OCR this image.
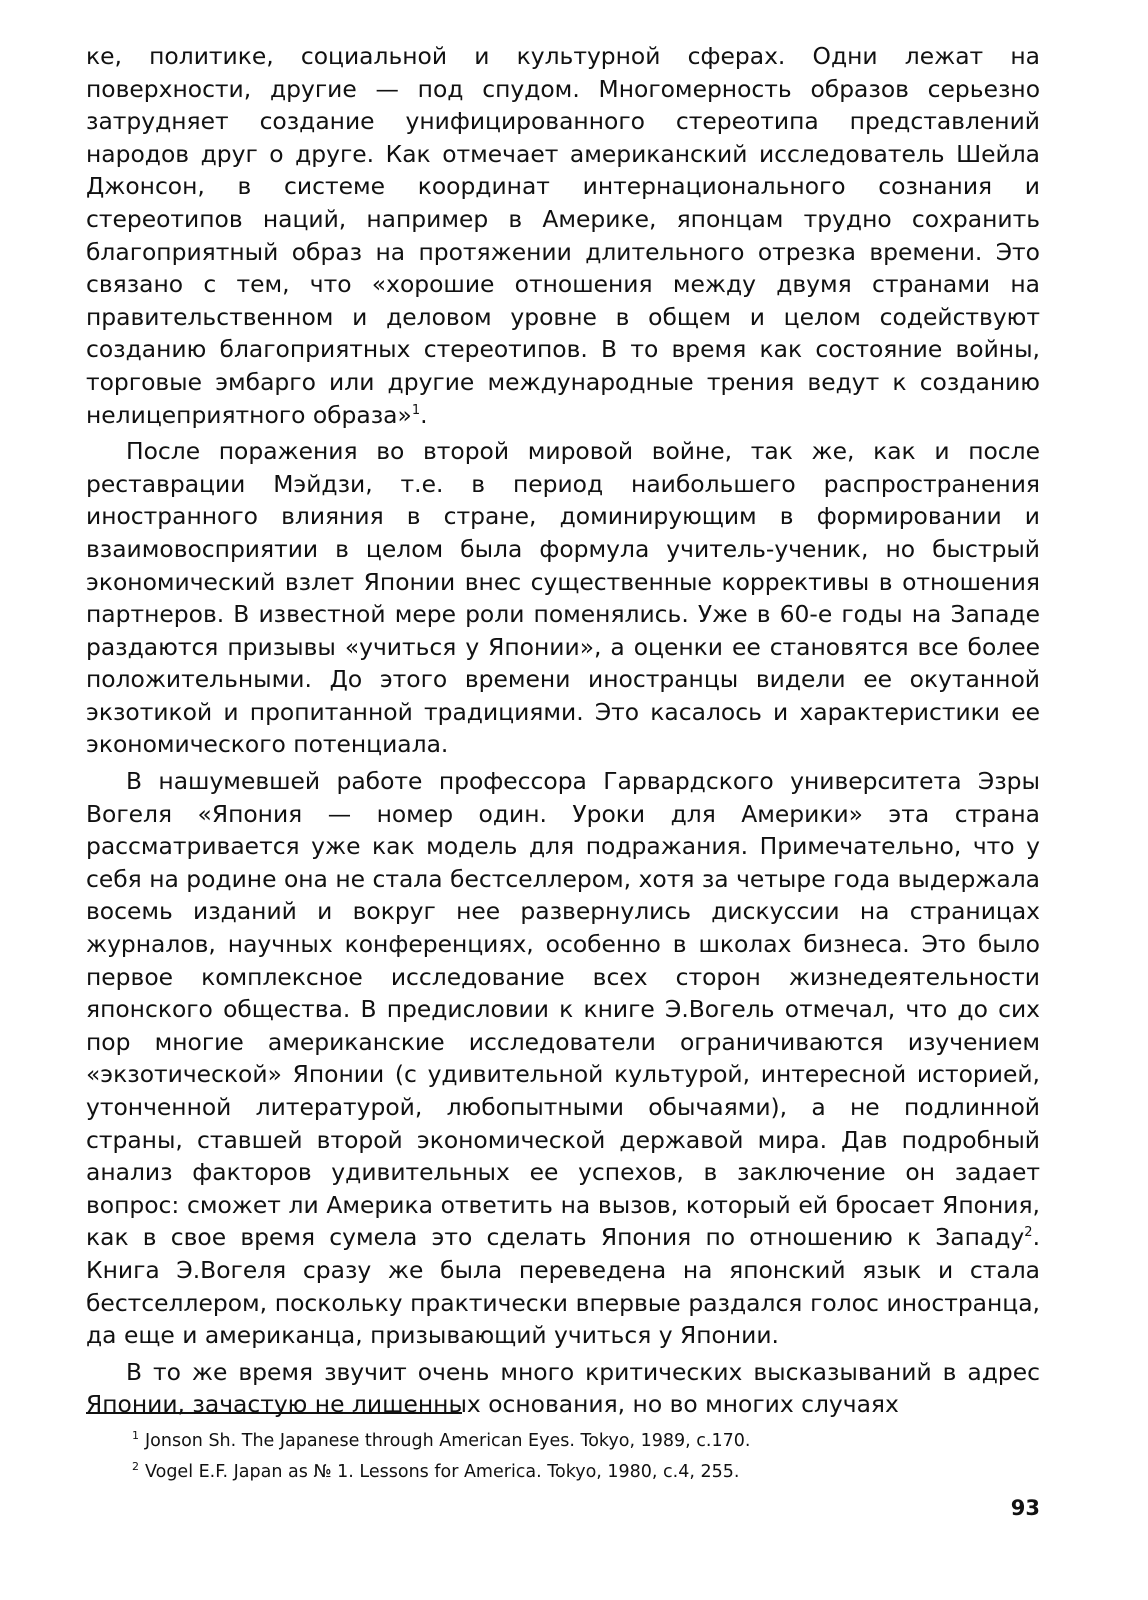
ке, политике, социальной и культурной сферах. Одни лежат на поверхности, другие — под спудом. Многомерность образов серьезно затрудняет создание унифицированного стереотипа представлений народов друг о друге. Как отмечает американский исследователь Шейла Джонсон, в системе координат интернационального сознания и стереотипов наций, например в Америке, японцам трудно сохранить благоприятный образ на протяжении длительного отрезка времени. Это связано с тем, что «хорошие отношения между двумя странами на правительственном и деловом уровне в общем и целом содействуют созданию благоприятных стереотипов. В то время как состояние войны, торговые эмбарго или другие международные трения ведут к созданию нелицеприятного образа»$^1$.

После поражения во второй мировой войне, так же, как и после реставрации Мэйдзи, т.е. в период наибольшего распространения иностранного влияния в стране, доминирующим в формировании и взаимовосприятии в целом была формула учитель-ученик, но быстрый экономический взлет Японии внес существенные коррективы в отношения партнеров. В известной мере роли поменялись. Уже в 60-е годы на Западе раздаются призывы «учиться у Японии», а оценки ее становятся все более положительными. До этого времени иностранцы видели ее окутанной экзотикой и пропитанной традициями. Это касалось и характеристики ее экономического потенциала.

В нашумевшей работе профессора Гарвардского университета Эзры Вогеля «Япония — номер один. Уроки для Америки» эта страна рассматривается уже как модель для подражания. Примечательно, что у себя на родине она не стала бестселлером, хотя за четыре года выдержала восемь изданий и вокруг нее развернулись дискуссии на страницах журналов, научных конференциях, особенно в школах бизнеса. Это было первое комплексное исследование всех сторон жизнедеятельности японского общества. В предисловии к книге Э.Вогель отмечал, что до сих пор многие американские исследователи ограничиваются изучением «экзотической» Японии (с удивительной культурой, интересной историей, утонченной литературой, любопытными обычаями), а не подлинной страны, ставшей второй экономической державой мира. Дав подробный анализ факторов удивительных ее успехов, в заключение он задает вопрос: сможет ли Америка ответить на вызов, который ей бросает Япония, как в свое время сумела это сделать Япония по отношению к Западу$^2$. Книга Э.Вогеля сразу же была переведена на японский язык и стала бестселлером, поскольку практически впервые раздался голос иностранца, да еще и американца, призывающий учиться у Японии.

В то же время звучит очень много критических высказываний в адрес Японии, зачастую не лишенных основания, но во многих случаях

$^1$ Jonson Sh. The Japanese through American Eyes. Tokyo, 1989, c.170.
$^2$ Vogel E.F. Japan as № 1. Lessons for America. Tokyo, 1980, c.4, 255.
93
